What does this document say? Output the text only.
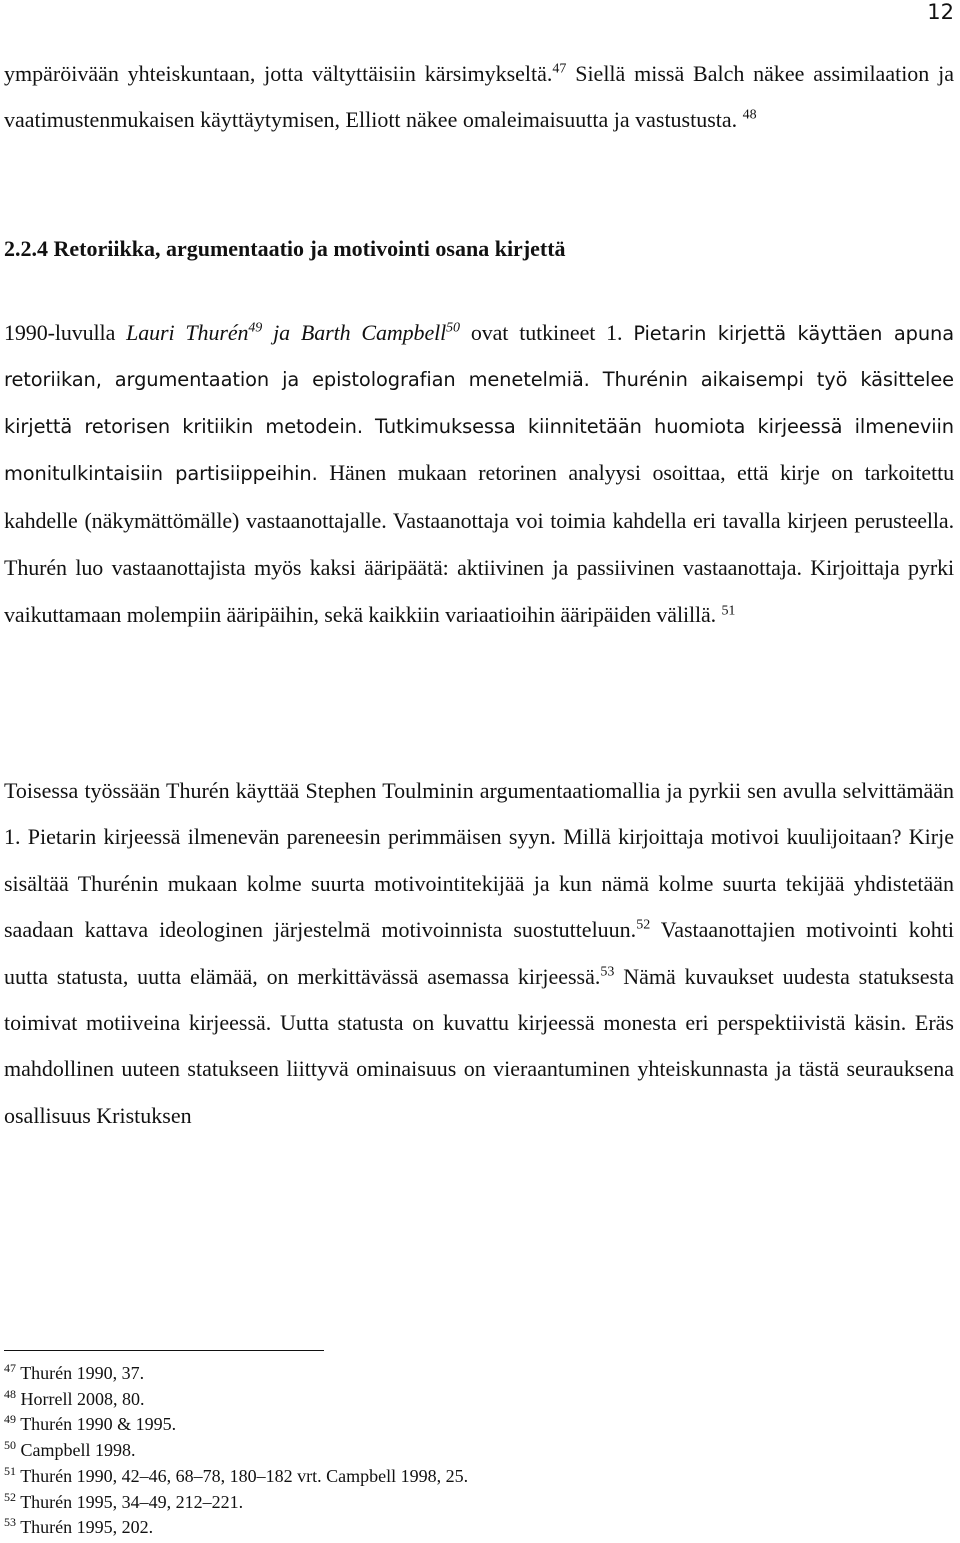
12

ympäröivään yhteiskuntaan, jotta vältyttäisiin kärsimykseltä.$^{47}$ Siellä missä Balch näkee assimilaation ja vaatimustenmukaisen käyttäytymisen, Elliott näkee omaleimaisuutta ja vastustusta. $^{48}$

2.2.4 Retoriikka, argumentaatio ja motivointi osana kirjettä

1990-luvulla Lauri Thurén$^{49}$ ja Barth Campbell$^{50}$ ovat tutkineet 1. Pietarin kirjettä käyttäen apuna retoriikan, argumentaation ja epistolografian menetelmiä. Thurénin aikaisempi työ käsittelee kirjettä retorisen kritiikin metodein. Tutkimuksessa kiinnitetään huomiota kirjeessä ilmeneviin monitulkintaisiin partisiippeihin. Hänen mukaan retorinen analyysi osoittaa, että kirje on tarkoitettu kahdelle (näkymättömälle) vastaanottajalle. Vastaanottaja voi toimia kahdella eri tavalla kirjeen perusteella. Thurén luo vastaanottajista myös kaksi ääripäätä: aktiivinen ja passiivinen vastaanottaja. Kirjoittaja pyrki vaikuttamaan molempiin ääripäihin, sekä kaikkiin variaatioihin ääripäiden välillä. $^{51}$

Toisessa työssään Thurén käyttää Stephen Toulminin argumentaatiomallia ja pyrkii sen avulla selvittämään 1. Pietarin kirjeessä ilmenevän pareneesin perimmäisen syyn. Millä kirjoittaja motivoi kuulijoitaan? Kirje sisältää Thurénin mukaan kolme suurta motivointitekijää ja kun nämä kolme suurta tekijää yhdistetään saadaan kattava ideologinen järjestelmä motivoinnista suostutteluun.$^{52}$ Vastaanottajien motivointi kohti uutta statusta, uutta elämää, on merkittävässä asemassa kirjeessä.$^{53}$ Nämä kuvaukset uudesta statuksesta toimivat motiiveina kirjeessä. Uutta statusta on kuvattu kirjeessä monesta eri perspektiivistä käsin. Eräs mahdollinen uuteen statukseen liittyvä ominaisuus on vieraantuminen yhteiskunnasta ja tästä seurauksena osallisuus Kristuksen

$^{47}$ Thurén 1990, 37.
$^{48}$ Horrell 2008, 80.
$^{49}$ Thurén 1990 & 1995.
$^{50}$ Campbell 1998.
$^{51}$ Thurén 1990, 42–46, 68–78, 180–182 vrt. Campbell 1998, 25.
$^{52}$ Thurén 1995, 34–49, 212–221.
$^{53}$ Thurén 1995, 202.
